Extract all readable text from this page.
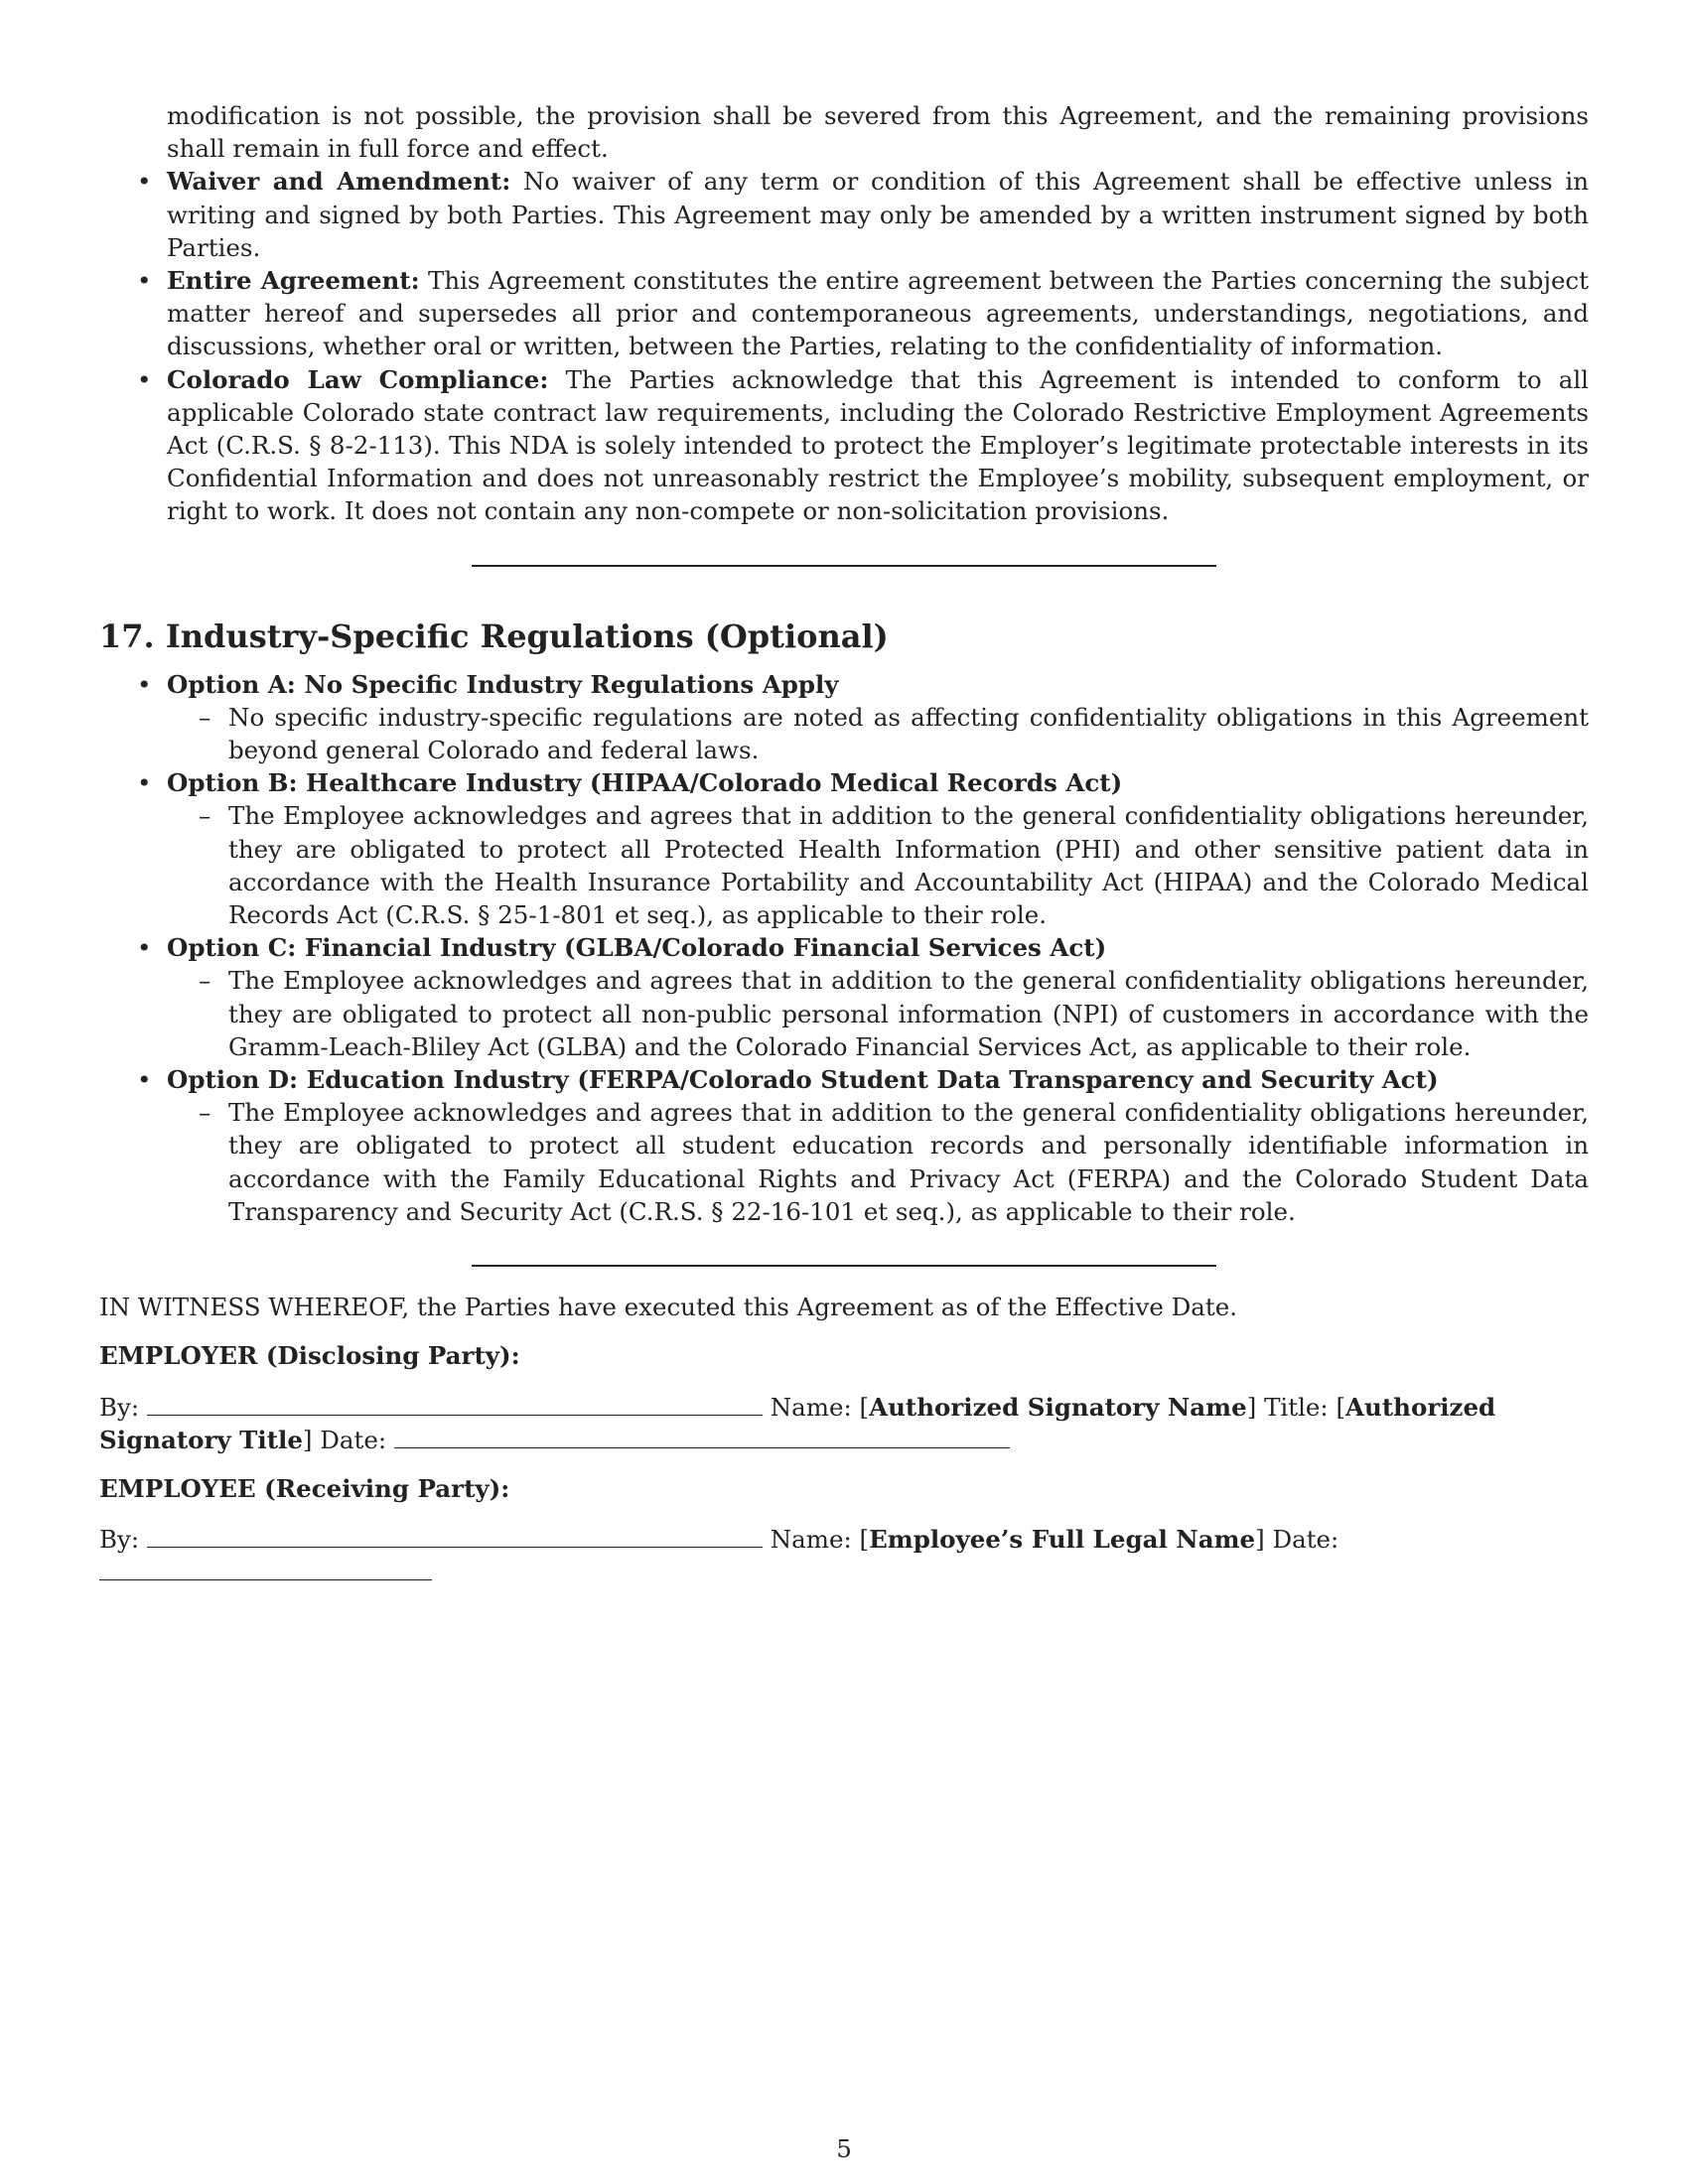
modification is not possible, the provision shall be severed from this Agreement, and the remaining provisions shall remain in full force and effect.
• Waiver and Amendment: No waiver of any term or condition of this Agreement shall be effective unless in writing and signed by both Parties. This Agreement may only be amended by a written instrument signed by both Parties.
• Entire Agreement: This Agreement constitutes the entire agreement between the Parties concerning the subject matter hereof and supersedes all prior and contemporaneous agreements, understandings, negotiations, and discussions, whether oral or written, between the Parties, relating to the confidentiality of information.
• Colorado Law Compliance: The Parties acknowledge that this Agreement is intended to conform to all applicable Colorado state contract law requirements, including the Colorado Restrictive Employment Agreements Act (C.R.S. § 8-2-113). This NDA is solely intended to protect the Employer’s legitimate protectable interests in its Confidential Information and does not unreasonably restrict the Employee’s mobility, subsequent employment, or right to work. It does not contain any non-compete or non-solicitation provisions.
17. Industry-Specific Regulations (Optional)
• Option A: No Specific Industry Regulations Apply
– No specific industry-specific regulations are noted as affecting confidentiality obligations in this Agreement beyond general Colorado and federal laws.
• Option B: Healthcare Industry (HIPAA/Colorado Medical Records Act)
– The Employee acknowledges and agrees that in addition to the general confidentiality obligations hereunder, they are obligated to protect all Protected Health Information (PHI) and other sensitive patient data in accordance with the Health Insurance Portability and Accountability Act (HIPAA) and the Colorado Medical Records Act (C.R.S. § 25-1-801 et seq.), as applicable to their role.
• Option C: Financial Industry (GLBA/Colorado Financial Services Act)
– The Employee acknowledges and agrees that in addition to the general confidentiality obligations hereunder, they are obligated to protect all non-public personal information (NPI) of customers in accordance with the Gramm-Leach-Bliley Act (GLBA) and the Colorado Financial Services Act, as applicable to their role.
• Option D: Education Industry (FERPA/Colorado Student Data Transparency and Security Act)
– The Employee acknowledges and agrees that in addition to the general confidentiality obligations hereunder, they are obligated to protect all student education records and personally identifiable information in accordance with the Family Educational Rights and Privacy Act (FERPA) and the Colorado Student Data Transparency and Security Act (C.R.S. § 22-16-101 et seq.), as applicable to their role.
IN WITNESS WHEREOF, the Parties have executed this Agreement as of the Effective Date.
EMPLOYER (Disclosing Party):
By:	Name: [Authorized Signatory Name] Title: [Authorized Signatory Title] Date:
EMPLOYEE (Receiving Party):
By:	Name: [Employee’s Full Legal Name] Date:
5
